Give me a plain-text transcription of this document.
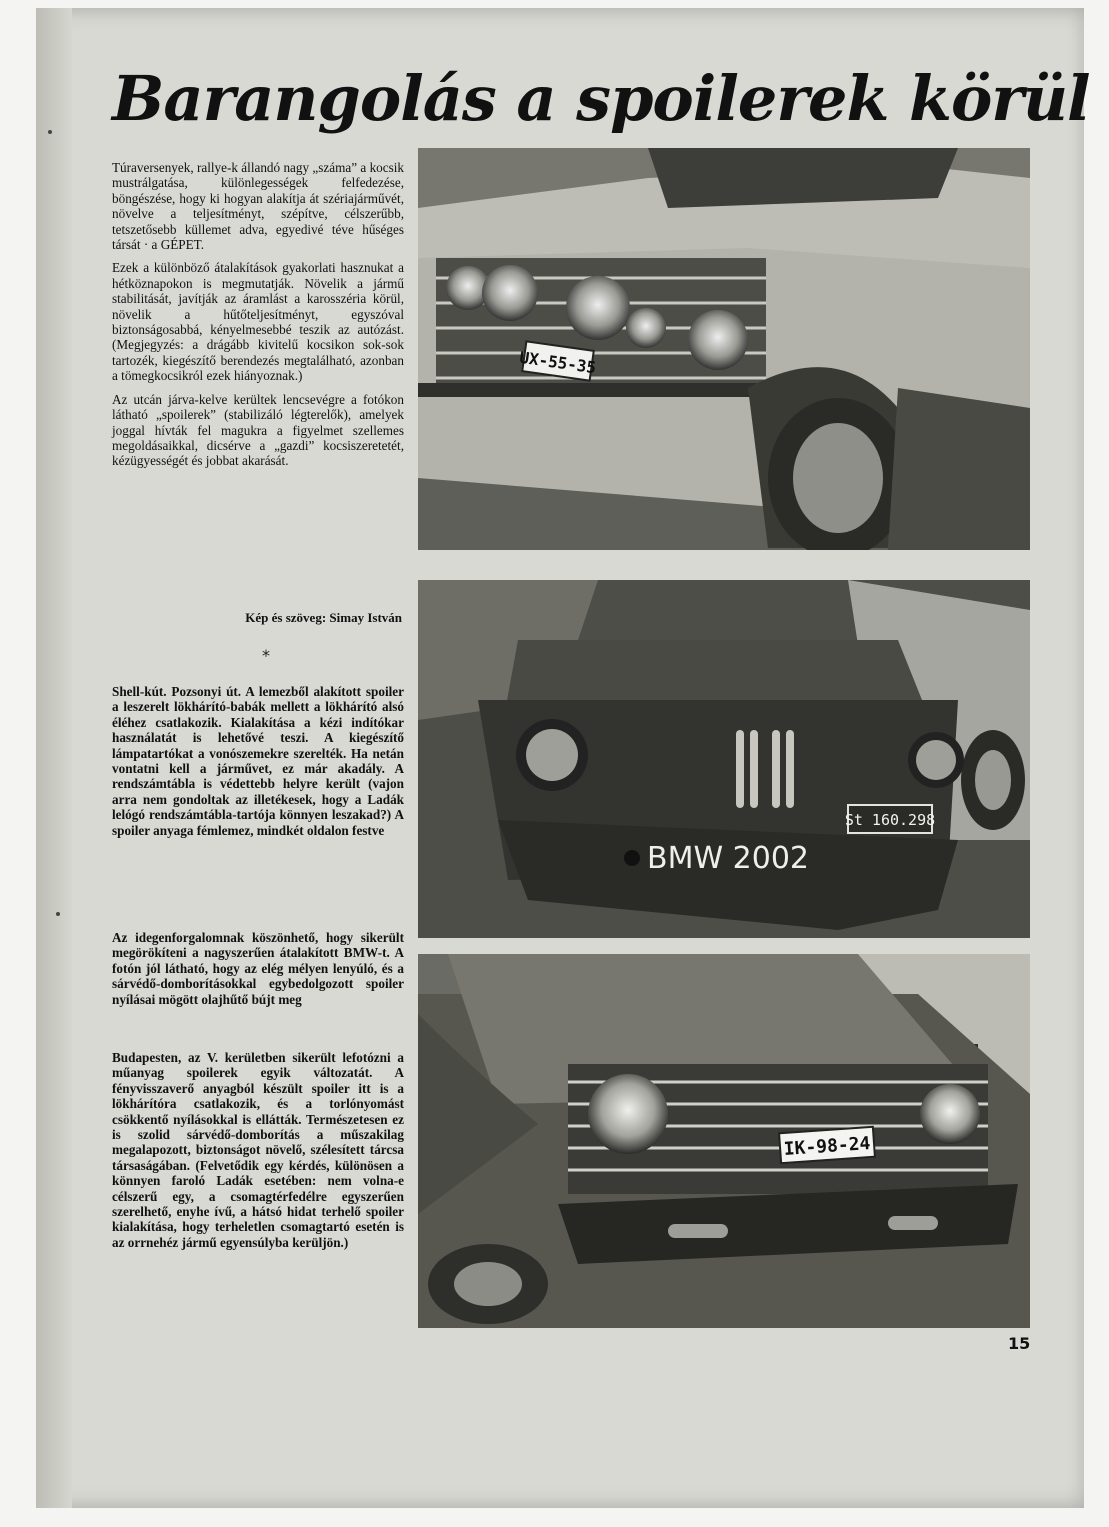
Barangolás a spoilerek körül

Túraversenyek, rallye-k állandó nagy „száma” a kocsik mustrálgatása, különlegességek felfedezése, böngészése, hogy ki hogyan alakítja át szériajárművét, növelve a teljesítményt, szépítve, célszerűbb, tetszetősebb küllemet adva, egyedivé téve hűséges társát · a GÉPET.

Ezek a különböző átalakítások gyakorlati hasznukat a hétköznapokon is megmutatják. Növelik a jármű stabilitását, javítják az áramlást a karosszéria körül, növelik a hűtőteljesítményt, egyszóval biztonságosabbá, kényelmesebbé teszik az autózást. (Megjegyzés: a drágább kivitelű kocsikon sok-sok tartozék, kiegészítő berendezés megtalálható, azonban a tömegkocsikról ezek hiányoznak.)

Az utcán járva-kelve kerültek lencsevégre a fotókon látható „spoilerek” (stabilizáló légterelők), amelyek joggal hívták fel magukra a figyelmet szellemes megoldásaikkal, dicsérve a „gazdi” kocsiszeretetét, kézügyességét és jobbat akarását.

Kép és szöveg: Simay István
*

Shell-kút. Pozsonyi út. A lemezből alakított spoiler a leszerelt lökhárító-babák mellett a lökhárító alsó éléhez csatlakozik. Kialakítása a kézi indítókar használatát is lehetővé teszi. A kiegészítő lámpatartókat a vonószemekre szerelték. Ha netán vontatni kell a járművet, ez már akadály. A rendszámtábla is védettebb helyre került (vajon arra nem gondoltak az illetékesek, hogy a Ladák lelógó rendszámtábla-tartója könnyen leszakad?) A spoiler anyaga fémlemez, mindkét oldalon festve

Az idegenforgalomnak köszönhető, hogy sikerült megörökíteni a nagyszerűen átalakított BMW-t. A fotón jól látható, hogy az elég mélyen lenyúló, és a sárvédő-domborításokkal egybedolgozott spoiler nyílásai mögött olajhűtő bújt meg

Budapesten, az V. kerületben sikerült lefotózni a műanyag spoilerek egyik változatát. A fényvisszaverő anyagból készült spoiler itt is a lökhárítóra csatlakozik, és a torlónyomást csökkentő nyílásokkal is ellátták. Természetesen ez is szolid sárvédő-domborítás a műszakilag megalapozott, biztonságot növelő, szélesített tárcsa társaságában. (Felvetődik egy kérdés, különösen a könnyen faroló Ladák esetében: nem volna-e célszerű egy, a csomagtérfedélre egyszerűen szerelhető, enyhe ívű, a hátsó hidat terhelő spoiler kialakítása, hogy terheletlen csomagtartó esetén is az orrnehéz jármű egyensúlyba kerüljön.)

UX-55-35
St 160.298
BMW 2002
IK-98-24
15
